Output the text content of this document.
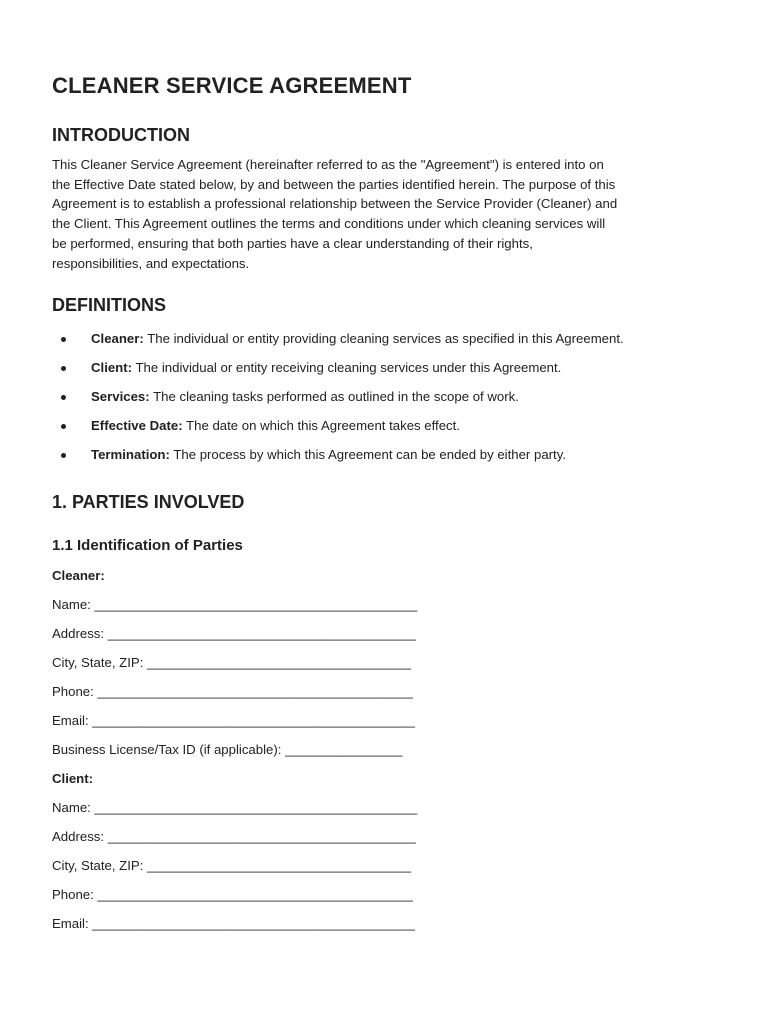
CLEANER SERVICE AGREEMENT
INTRODUCTION

This Cleaner Service Agreement (hereinafter referred to as the "Agreement") is entered into on

the Effective Date stated below, by and between the parties identified herein. The purpose of this

Agreement is to establish a professional relationship between the Service Provider (Cleaner) and

the Client. This Agreement outlines the terms and conditions under which cleaning services will

be performed, ensuring that both parties have a clear understanding of their rights,

responsibilities, and expectations.

DEFINITIONS
Cleaner: The individual or entity providing cleaning services as specified in this Agreement.
Client: The individual or entity receiving cleaning services under this Agreement.
Services: The cleaning tasks performed as outlined in the scope of work.
Effective Date: The date on which this Agreement takes effect.
Termination: The process by which this Agreement can be ended by either party.
1. PARTIES INVOLVED
1.1 Identification of Parties

Cleaner:

Name: ____________________________________________

Address: __________________________________________

City, State, ZIP: ____________________________________

Phone: ___________________________________________

Email: ____________________________________________

Business License/Tax ID (if applicable): ________________

Client:

Name: ____________________________________________

Address: __________________________________________

City, State, ZIP: ____________________________________

Phone: ___________________________________________

Email: ____________________________________________
